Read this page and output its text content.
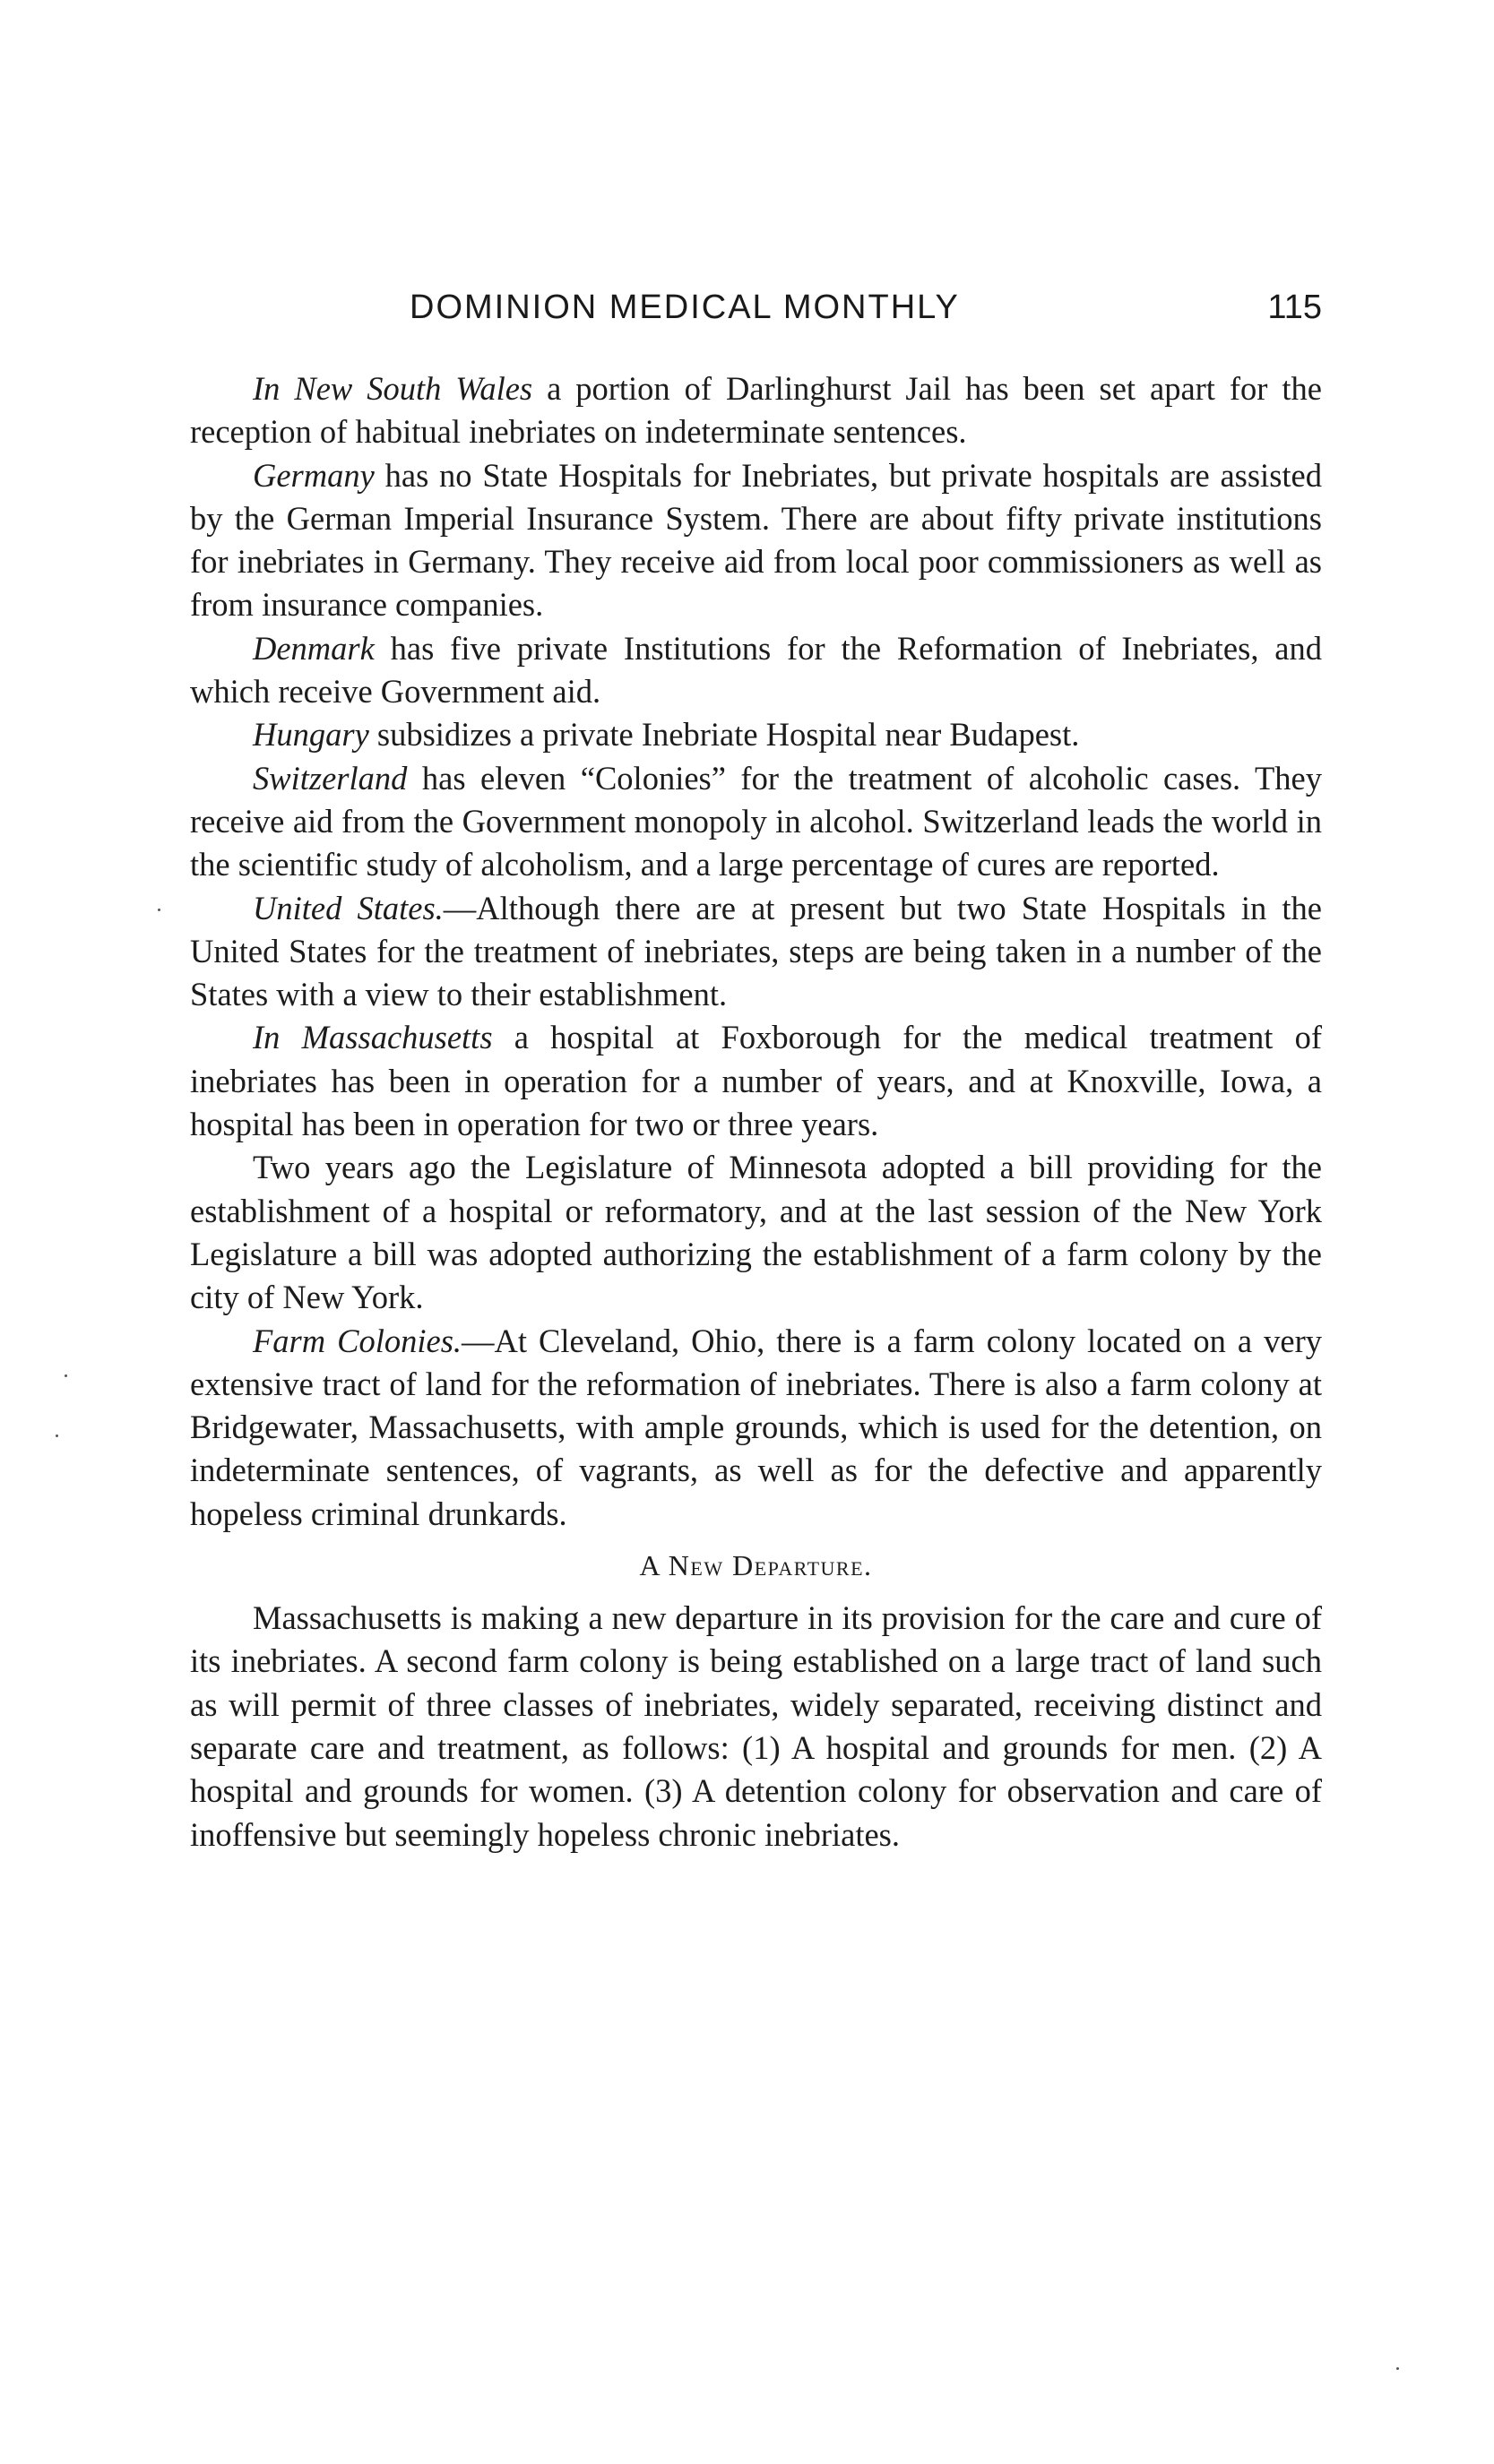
DOMINION MEDICAL MONTHLY	115

In New South Wales a portion of Darlinghurst Jail has been set apart for the reception of habitual inebriates on indeterminate sentences.

Germany has no State Hospitals for Inebriates, but private hospitals are assisted by the German Imperial Insurance System. There are about fifty private institutions for inebriates in Germany. They receive aid from local poor commissioners as well as from insurance companies.

Denmark has five private Institutions for the Reformation of Inebriates, and which receive Government aid.

Hungary subsidizes a private Inebriate Hospital near Budapest.

Switzerland has eleven “Colonies” for the treatment of alcoholic cases. They receive aid from the Government monopoly in alcohol. Switzerland leads the world in the scientific study of alcoholism, and a large percentage of cures are reported.

United States.—Although there are at present but two State Hospitals in the United States for the treatment of inebriates, steps are being taken in a number of the States with a view to their establishment.

In Massachusetts a hospital at Foxborough for the medical treatment of inebriates has been in operation for a number of years, and at Knoxville, Iowa, a hospital has been in operation for two or three years.

Two years ago the Legislature of Minnesota adopted a bill providing for the establishment of a hospital or reformatory, and at the last session of the New York Legislature a bill was adopted authorizing the establishment of a farm colony by the city of New York.

Farm Colonies.—At Cleveland, Ohio, there is a farm colony located on a very extensive tract of land for the reformation of inebriates. There is also a farm colony at Bridgewater, Massachusetts, with ample grounds, which is used for the detention, on indeterminate sentences, of vagrants, as well as for the defective and apparently hopeless criminal drunkards.

A New Departure.

Massachusetts is making a new departure in its provision for the care and cure of its inebriates. A second farm colony is being established on a large tract of land such as will permit of three classes of inebriates, widely separated, receiving distinct and separate care and treatment, as follows: (1) A hospital and grounds for men. (2) A hospital and grounds for women. (3) A detention colony for observation and care of inoffensive but seemingly hopeless chronic inebriates.
